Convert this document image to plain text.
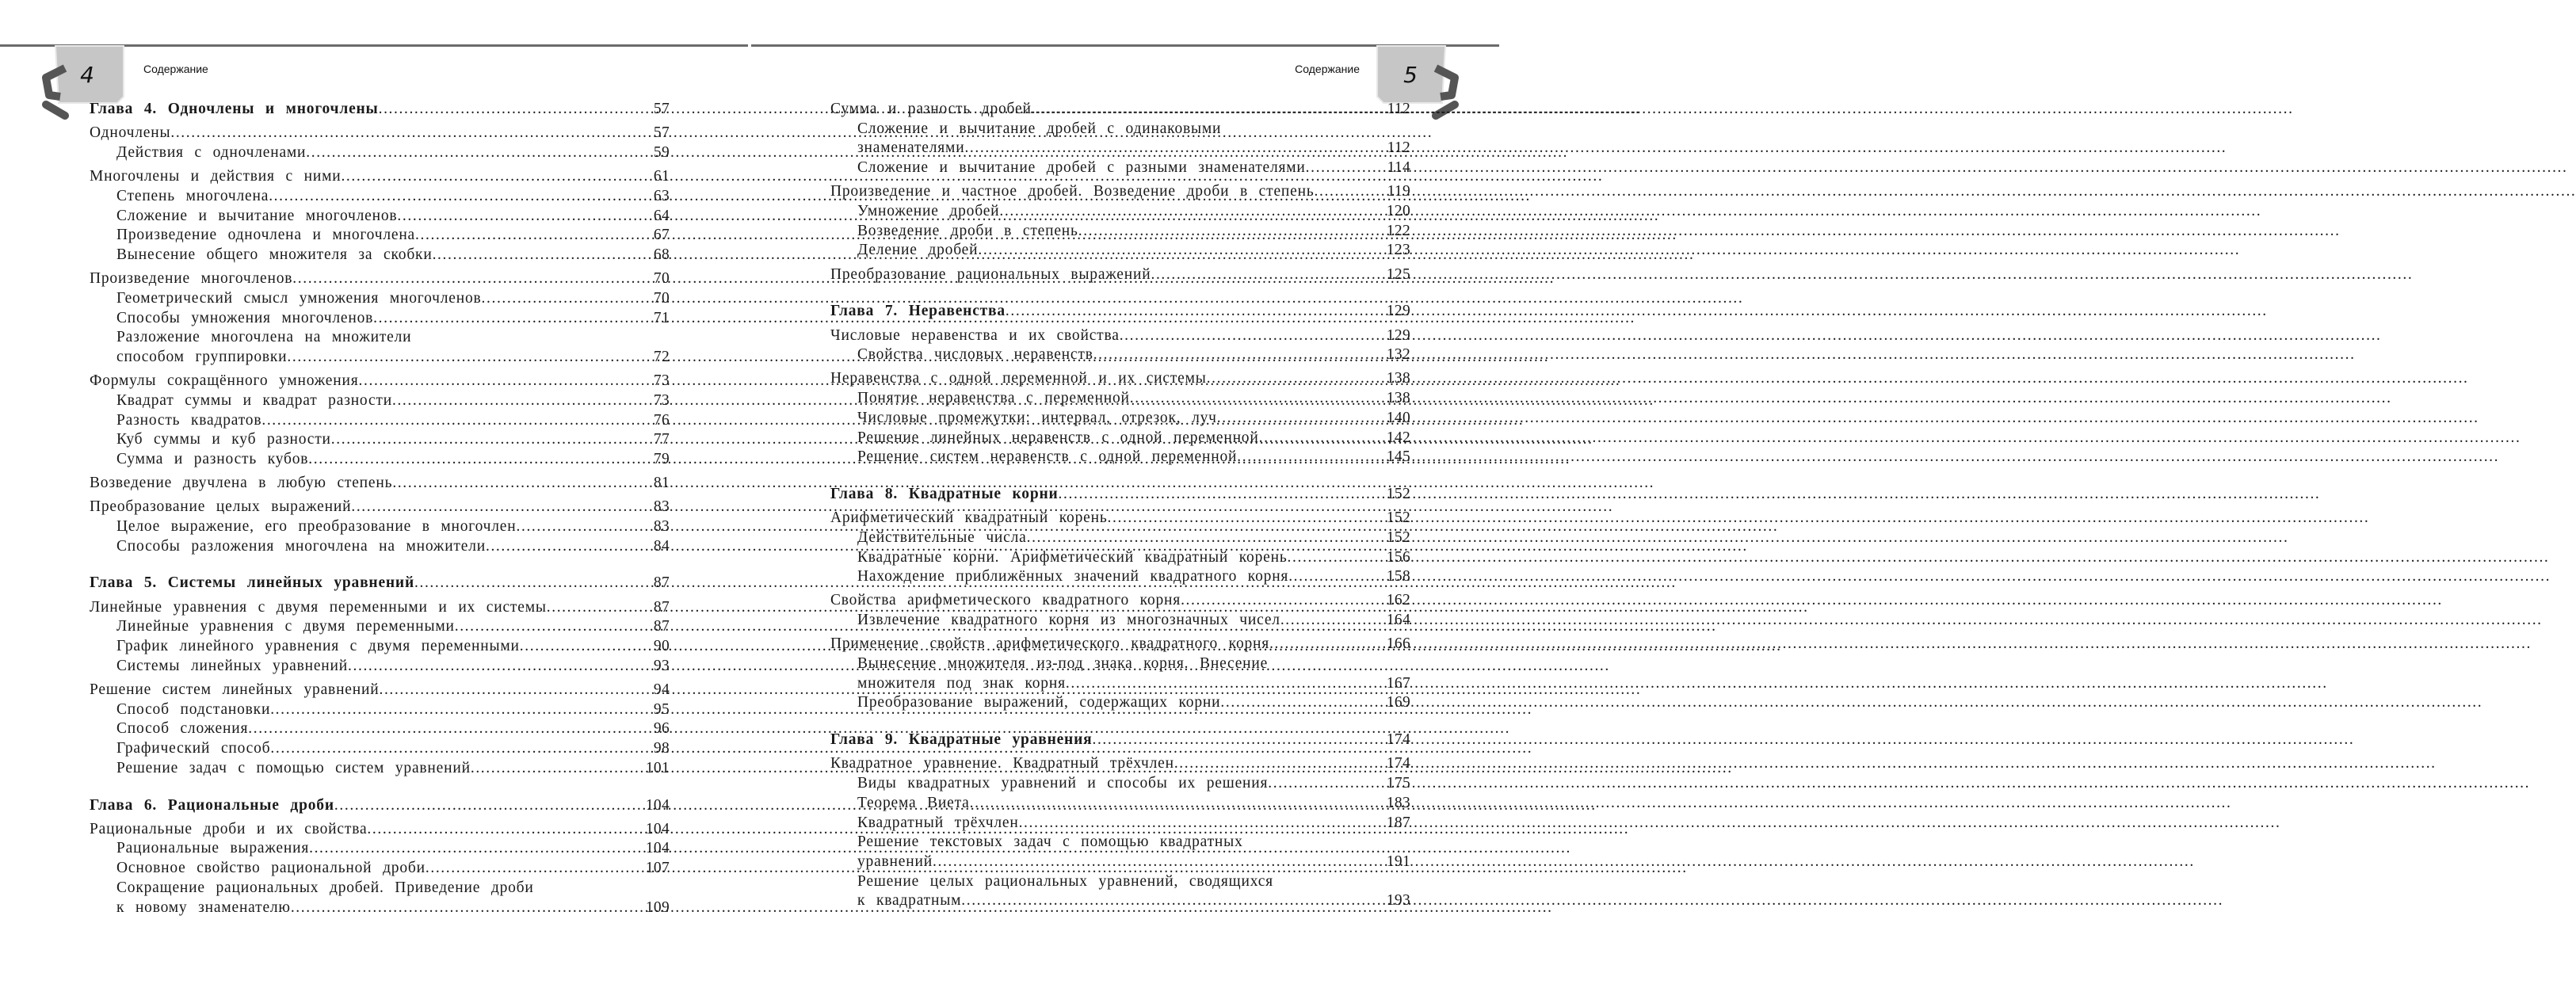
4	Содержание	5
Содержание
Глава 4. Одночлены и многочлены .....	57
Одночлены .....	57
Действия с одночленами .....	59
Многочлены и действия с ними .....	61
Степень многочлена .....	63
Сложение и вычитание многочленов .....	64
Произведение одночлена и многочлена .....	67
Вынесение общего множителя за скобки .....	68
Произведение многочленов .....	70
Геометрический смысл умножения многочленов .....	70
Способы умножения многочленов .....	71
Разложение многочлена на множители
способом группировки .....	72
Формулы сокращённого умножения .....	73
Квадрат суммы и квадрат разности .....	73
Разность квадратов .....	76
Куб суммы и куб разности .....	77
Сумма и разность кубов .....	79
Возведение двучлена в любую степень .....	81
Преобразование целых выражений .....	83
Целое выражение, его преобразование в многочлен .....	83
Способы разложения многочлена на множители .....	84
Глава 5. Системы линейных уравнений .....	87
Линейные уравнения с двумя переменными и их системы .....	87
Линейные уравнения с двумя переменными .....	87
График линейного уравнения с двумя переменными .....	90
Системы линейных уравнений .....	93
Решение систем линейных уравнений .....	94
Способ подстановки .....	95
Способ сложения .....	96
Графический способ .....	98
Решение задач с помощью систем уравнений .....	101
Глава 6. Рациональные дроби .....	104
Рациональные дроби и их свойства .....	104
Рациональные выражения .....	104
Основное свойство рациональной дроби .....	107
Сокращение рациональных дробей. Приведение дроби
к новому знаменателю .....	109
Сумма и разность дробей .....	112
Сложение и вычитание дробей с одинаковыми
знаменателями .....	112
Сложение и вычитание дробей с разными знаменателями .....	114
Произведение и частное дробей. Возведение дроби в степень .....	119
Умножение дробей .....	120
Возведение дроби в степень .....	122
Деление дробей .....	123
Преобразование рациональных выражений .....	125
Глава 7. Неравенства .....	129
Числовые неравенства и их свойства .....	129
Свойства числовых неравенств .....	132
Неравенства с одной переменной и их системы .....	138
Понятие неравенства с переменной .....	138
Числовые промежутки: интервал, отрезок, луч .....	140
Решение линейных неравенств с одной переменной .....	142
Решение систем неравенств с одной переменной .....	145
Глава 8. Квадратные корни .....	152
Арифметический квадратный корень .....	152
Действительные числа .....	152
Квадратные корни. Арифметический квадратный корень .....	156
Нахождение приближённых значений квадратного корня .....	158
Свойства арифметического квадратного корня .....	162
Извлечение квадратного корня из многозначных чисел .....	164
Применение свойств арифметического квадратного корня .....	166
Вынесение множителя из-под знака корня. Внесение
множителя под знак корня .....	167
Преобразование выражений, содержащих корни .....	169
Глава 9. Квадратные уравнения .....	174
Квадратное уравнение. Квадратный трёхчлен .....	174
Виды квадратных уравнений и способы их решения .....	175
Теорема Виета .....	183
Квадратный трёхчлен .....	187
Решение текстовых задач с помощью квадратных
уравнений .....	191
Решение целых рациональных уравнений, сводящихся
к квадратным .....	193
